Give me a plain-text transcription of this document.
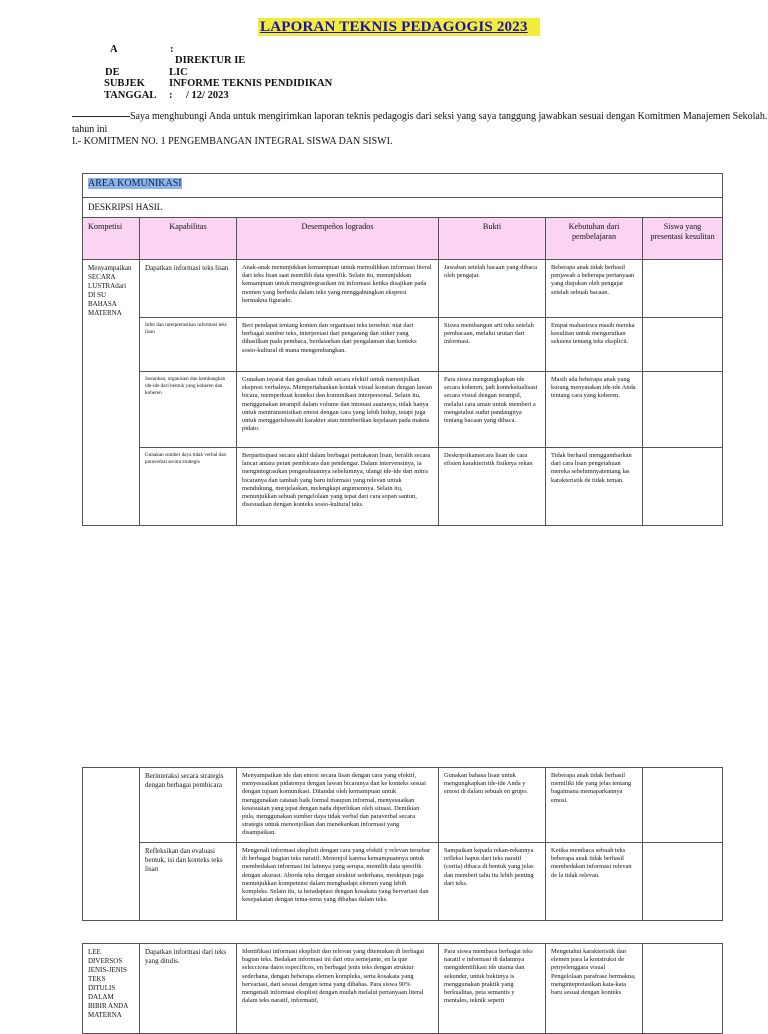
LAPORAN TEKNIS PEDAGOGIS 2023
A	:
DIREKTUR IE
DE	LIC
SUBJEK INFORME TEKNIS PENDIDIKAN
TANGGAL : / 12/ 2023
Saya menghubungi Anda untuk mengirimkan laporan teknis pedagogis dari seksi yang saya tanggung jawabkan sesuai dengan Komitmen Manajemen Sekolah.
tahun ini
I.- KOMITMEN NO. 1 PENGEMBANGAN INTEGRAL SISWA DAN SISWI.
AREA KOMUNIKASI					
DESKRIPSI HASIL					
Kompetisi	Kapabilitas	Desempeños logrados	Bukti	Kebutuhan dari pembelajaran	Siswa yang presentasi kesulitan
Menyampaikan SECARA LUSTRAdari DI SU BAHASA MATERNA	Dapatkan informasi teks lisan	Anak-anak menunjukkan kemampuan untuk memulihkan informasi literal dari teks lisan saat memilih data spesifik. Selain itu, menunjukkan kemampuan untuk mengintegrasikan ini informasi ketika disajikan pada momen yang berbeda dalam teks yang menggabungkan ekspresi bermakna figurado.	Jawaban setelah bacaan yang dibaca oleh pengajar.	Beberapa anak tidak berhasil penjawab a beberapa pertanyaan yang diajukan oleh pengajar setelah sebuah bacaan.	
	Infer dan interpretasikan informasi teks lisan	Beri pendapat tentang konten dan organisasi teks tersebut. niat dari berbagai sumber teks, interpretasi dari pengarang dan stiker yang dihasilkan pada pembaca, berdasarkan dari pengalaman dan konteks sosio-kultural di mana mengembangkan.	Siswa membangun arti teks setelah pembacaan, melalui urutan dari informasi.	Empat mahasiswa masih mereka kesulitan untuk mengurutkan sekuens tentang teks eksplicit.	
	Susunkan, organisasi dan kembangkan ide-ide dari bentuk yang koheren dan koheren	Gunakan isyarat dan gerakan tubuh secara efektif untuk menonjolkan ekspresi verbalnya. Mempertahankan kontak visual konstan dengan lawan bicara, memperkuat koneksi dan komunikasi interpersonal. Selain itu, menggunakan terampil dalam volume dan intonasi suaranya, tidak hanya untuk mentransmisikan emosi dengan cara yang lebih hidup, tetapi juga untuk menggarisbawahi karakter atau memberikan kejelasan pada makna pidato.	Para siswa mengungkapkan ide secara koheren, jadi kontekstualisasi secara visual dengan terampil, melalui cara aman untuk memberi a mengetahui sudut pandangnya tentang bacaan yang dibaca.	Masih ada beberapa anak yang kurang menyatakan ide-ide Anda tentang cara yang koheren.	
	Gunakan sumber daya tidak verbal dan paraverbal secara strategis	Berpartisipasi secara aktif dalam berbagai pertukaran lisan, beralih secara lancar antara peran pembicara dan pendengar. Dalam intervensinya, ia mengintegrasikan pengetahuannya sebelumnya, ulangi ide-ide dari mitra bicaranya dan tambah yang baru informasi yang relevan untuk mendukung, menjelaskan, melengkapi argumennya. Selain itu, menunjukkan sebuah pengelolaan yang tepat dari cara sopan santun, disesuaikan dengan konteks sosio-kultural teks.	Deskripsikansecara lisan de cara efisien karakteristik fisiknya rekan	Tidak berhasil menggambarkan dari cara lisan pengetahuan mereka sebelumnyatentang las karakteristik de tidak teman.	
	Berinteraksi secara strategis dengan berbagai pembicara	Menyampaikan ide dan emosi secara lisan dengan cara yang efektif, menyesuaikan pidatonya dengan lawan bicaranya dan ke konteks sesuai dengan tujuan komunikasi. Ditandai oleh kemampuan untuk menggunakan catatan baik formal maupun informal, menyesuaikan kesesuaian yang tepat dengan nada diperlukan oleh situasi. Demikian pula, menggunakan sumber daya tidak verbal dan paraverbal secara strategis untuk menonjolkan dan menekankan informasi yang disampaikan.	Gunakan bahasa lisan untuk mengungkapkan ide-ide Anda y emosi di dalam sebuah en grupo.	Beberapa anak tidak berhasil memiliki ide yang jelas tentang bagaimana memaparkannya emosi.	
	Refleksikan dan evaluasi bentuk, isi dan konteks teks lisan	Mengenali informasi eksplisit dengan cara yang efektif y relevan tersebar di berbagai bagian teks naratif. Menonjol karena kemampuannya untuk membedakan informasi ini lainnya yang serupa, memilih data spesifik dengan akurasi. Aborda teks dengan struktur sederhana, meskipun juga menunjukkan kompetensi dalam menghadapi elemen yang lebih kompleks. Selain itu, ia beradaptasi dengan kosakata yang bervariasi dan kesepakatan dengan tema-tema yang dibahas dalam teks.	Sampaikan kepada rekan-rekannya refleksi hapus dari teks naratif (cerita) dibaca di bentuk yang jelas dan memberi tahu itu lebih penting dari teks.	Ketika membaca sebuah teks beberapa anak tidak berhasil membedakan informasi relevan de la tidak relevan.	
LEE DIVERSOS JENIS-JENIS TEKS DITULIS DALAM BIBIR ANDA MATERNA	Dapatkan informasi dari teks yang ditulis.	Identifikasi informasi eksplisit dan relevan yang ditemukan di berbagai bagian teks. Bedakan informasi ini dari otra semejante, en la que selecciona datos específicos, en berbagai jenis teks dengan struktur sederhana, dengan beberapa elemen kompleks, serta kosakata yang bervariasi, dari sesuai dengan tema yang dibahas. Para siswa 90% mengenali informasi eksplisit dengan mudah melalui pertanyaan literal dalam teks naratif, informatif,	Para siswa membaca berbagai teks naratif e informasi di dalamnya mengidentifikasi ide utama dan sekunder, untuk buktinya is menggunakan praktik yang berkualitas, peta semantis y mentales, teknik seperti	Mengetahui karakteristik dan elemen para la konstruksi de penyelenggara visual Pengelolaan parafrase bermakna, mengintepretasikan kata-kata baru sesuai dengan konteks	
